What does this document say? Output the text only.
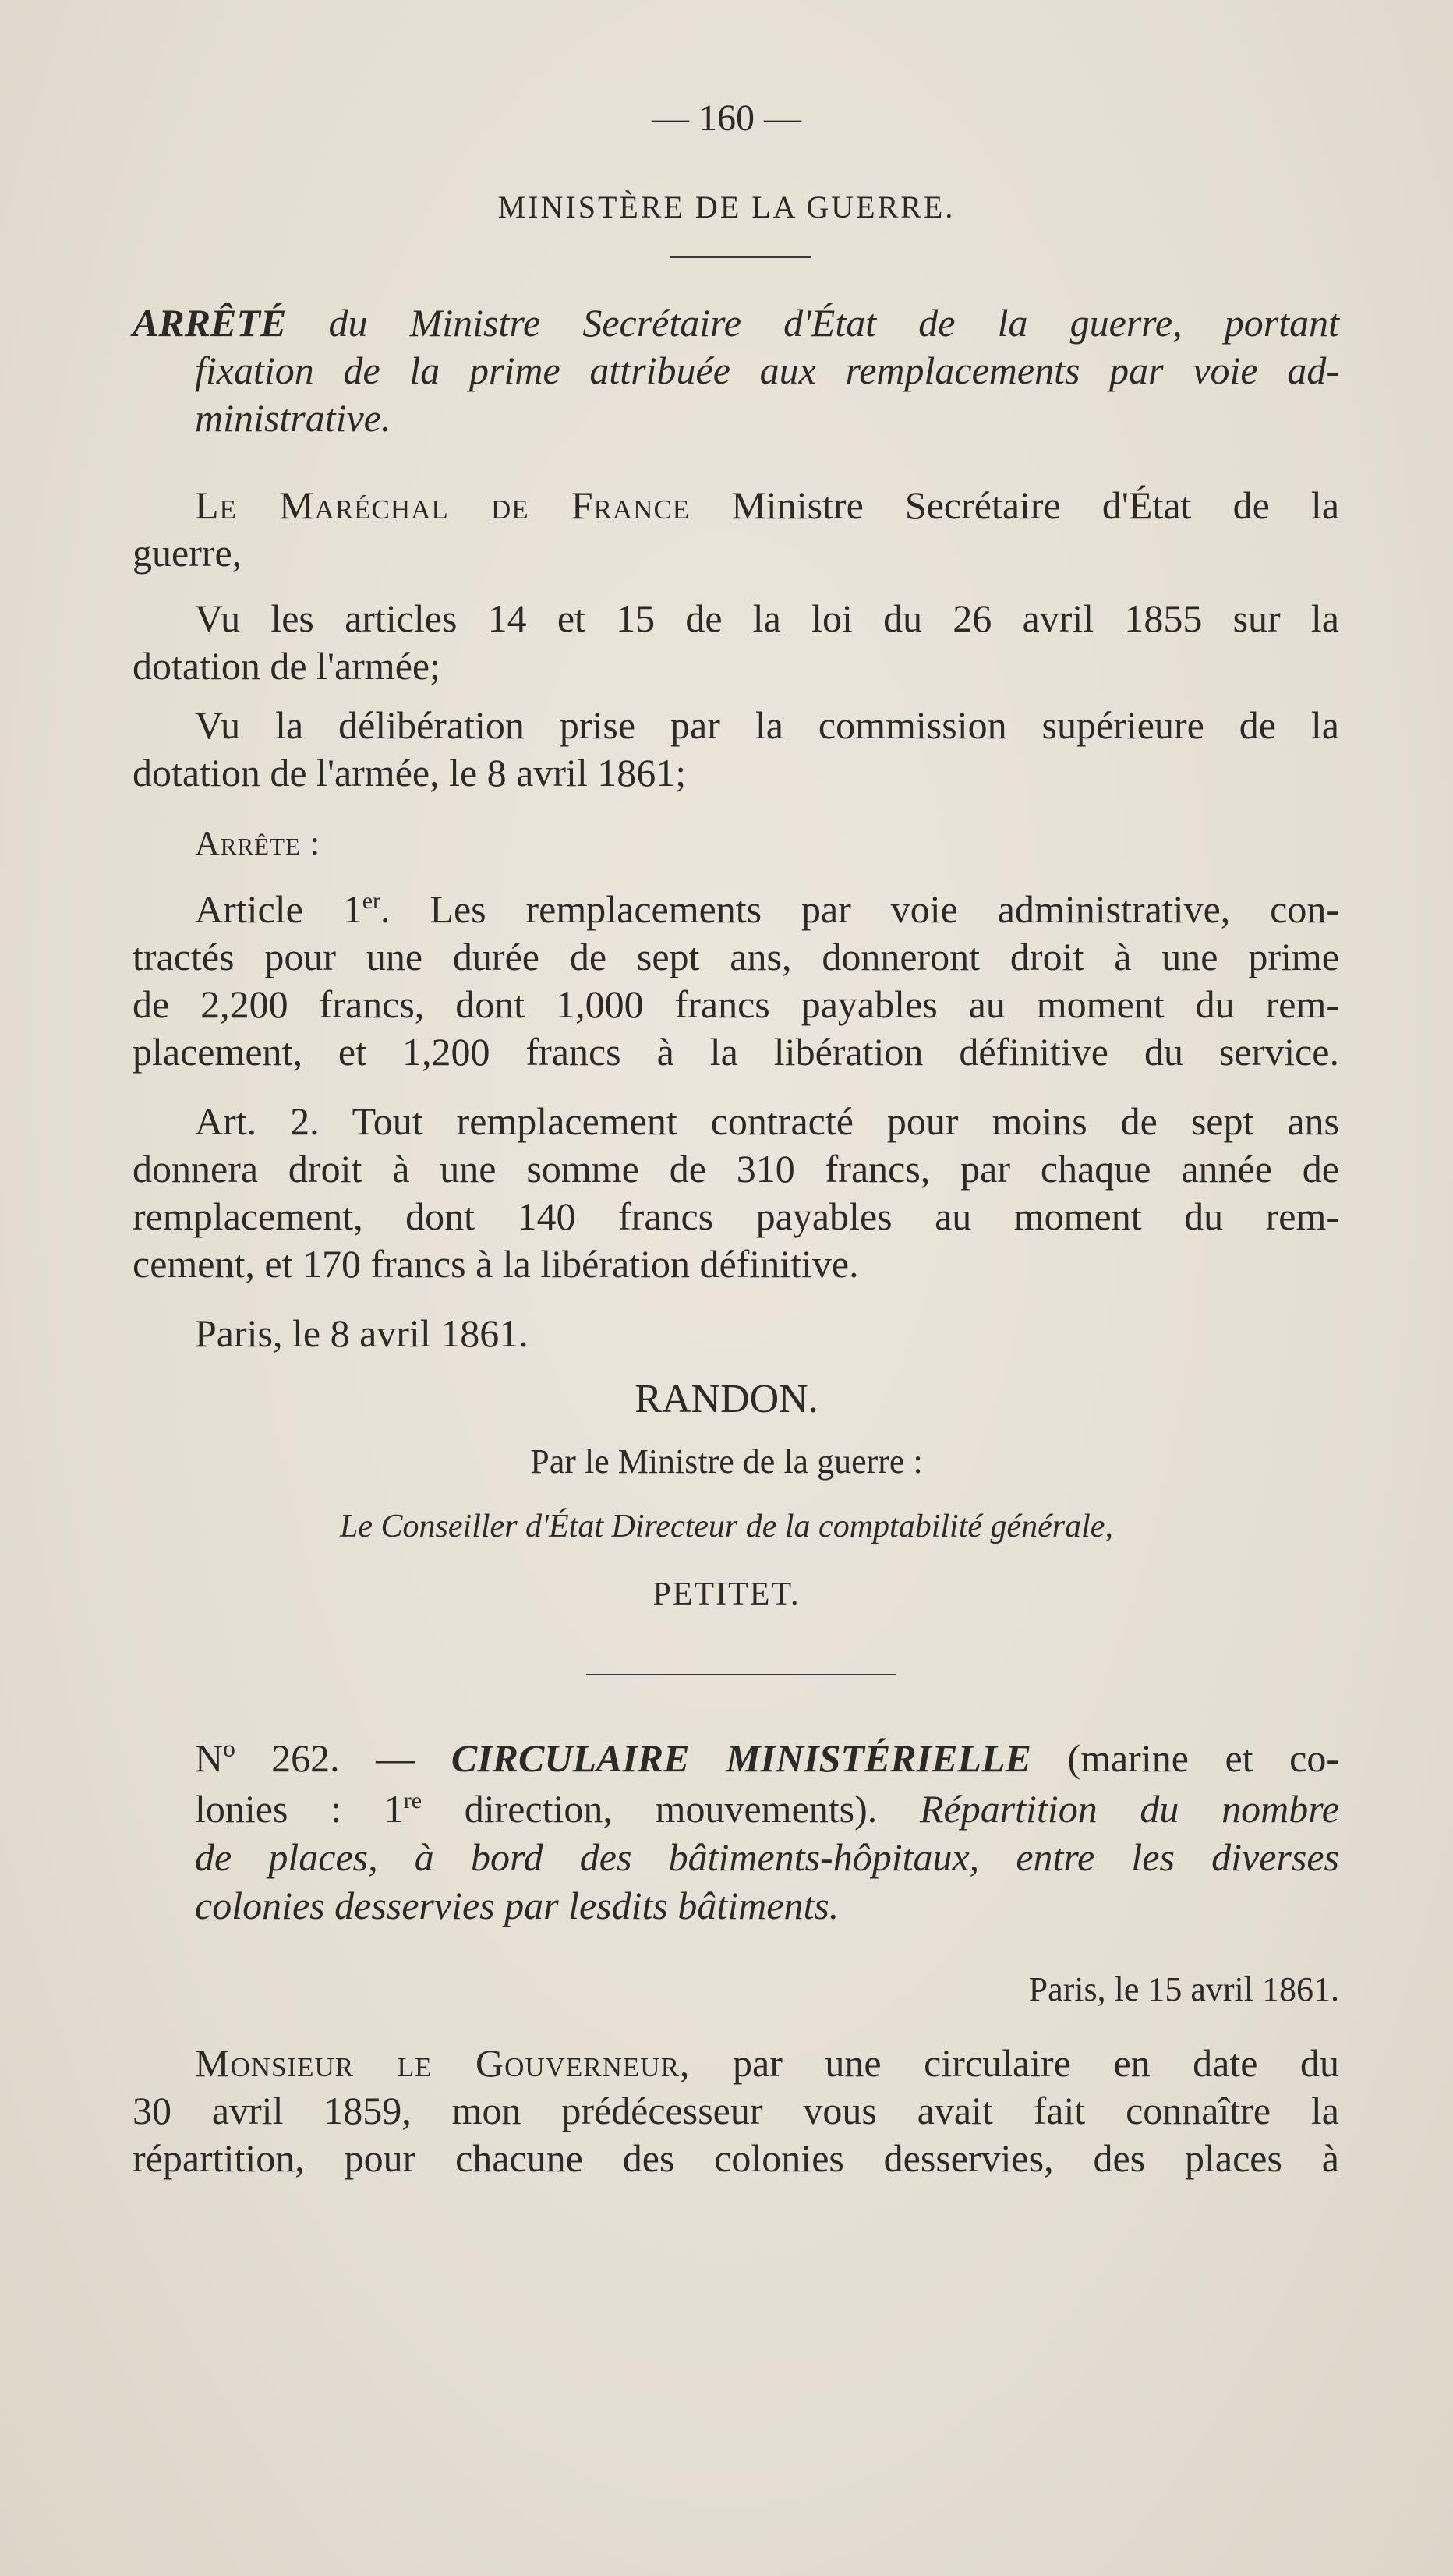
— 160 —
MINISTÈRE DE LA GUERRE.
ARRÊTÉ du Ministre Secrétaire d'État de la guerre, portant
fixation de la prime attribuée aux remplacements par voie ad-
ministrative.
Le Maréchal de France Ministre Secrétaire d'État de la
guerre,
Vu les articles 14 et 15 de la loi du 26 avril 1855 sur la
dotation de l'armée;
Vu la délibération prise par la commission supérieure de la
dotation de l'armée, le 8 avril 1861;
Arrête :
Article 1er. Les remplacements par voie administrative, con-
tractés pour une durée de sept ans, donneront droit à une prime
de 2,200 francs, dont 1,000 francs payables au moment du rem-
placement, et 1,200 francs à la libération définitive du service.
Art. 2. Tout remplacement contracté pour moins de sept ans
donnera droit à une somme de 310 francs, par chaque année de
remplacement, dont 140 francs payables au moment du rem-
cement, et 170 francs à la libération définitive.
Paris, le 8 avril 1861.
RANDON.
Par le Ministre de la guerre :
Le Conseiller d'État Directeur de la comptabilité générale,
PETITET.
Nº 262. — CIRCULAIRE MINISTÉRIELLE (marine et co-
lonies : 1re direction, mouvements). Répartition du nombre
de places, à bord des bâtiments-hôpitaux, entre les diverses
colonies desservies par lesdits bâtiments.
Paris, le 15 avril 1861.
Monsieur le Gouverneur, par une circulaire en date du
30 avril 1859, mon prédécesseur vous avait fait connaître la
répartition, pour chacune des colonies desservies, des places à
